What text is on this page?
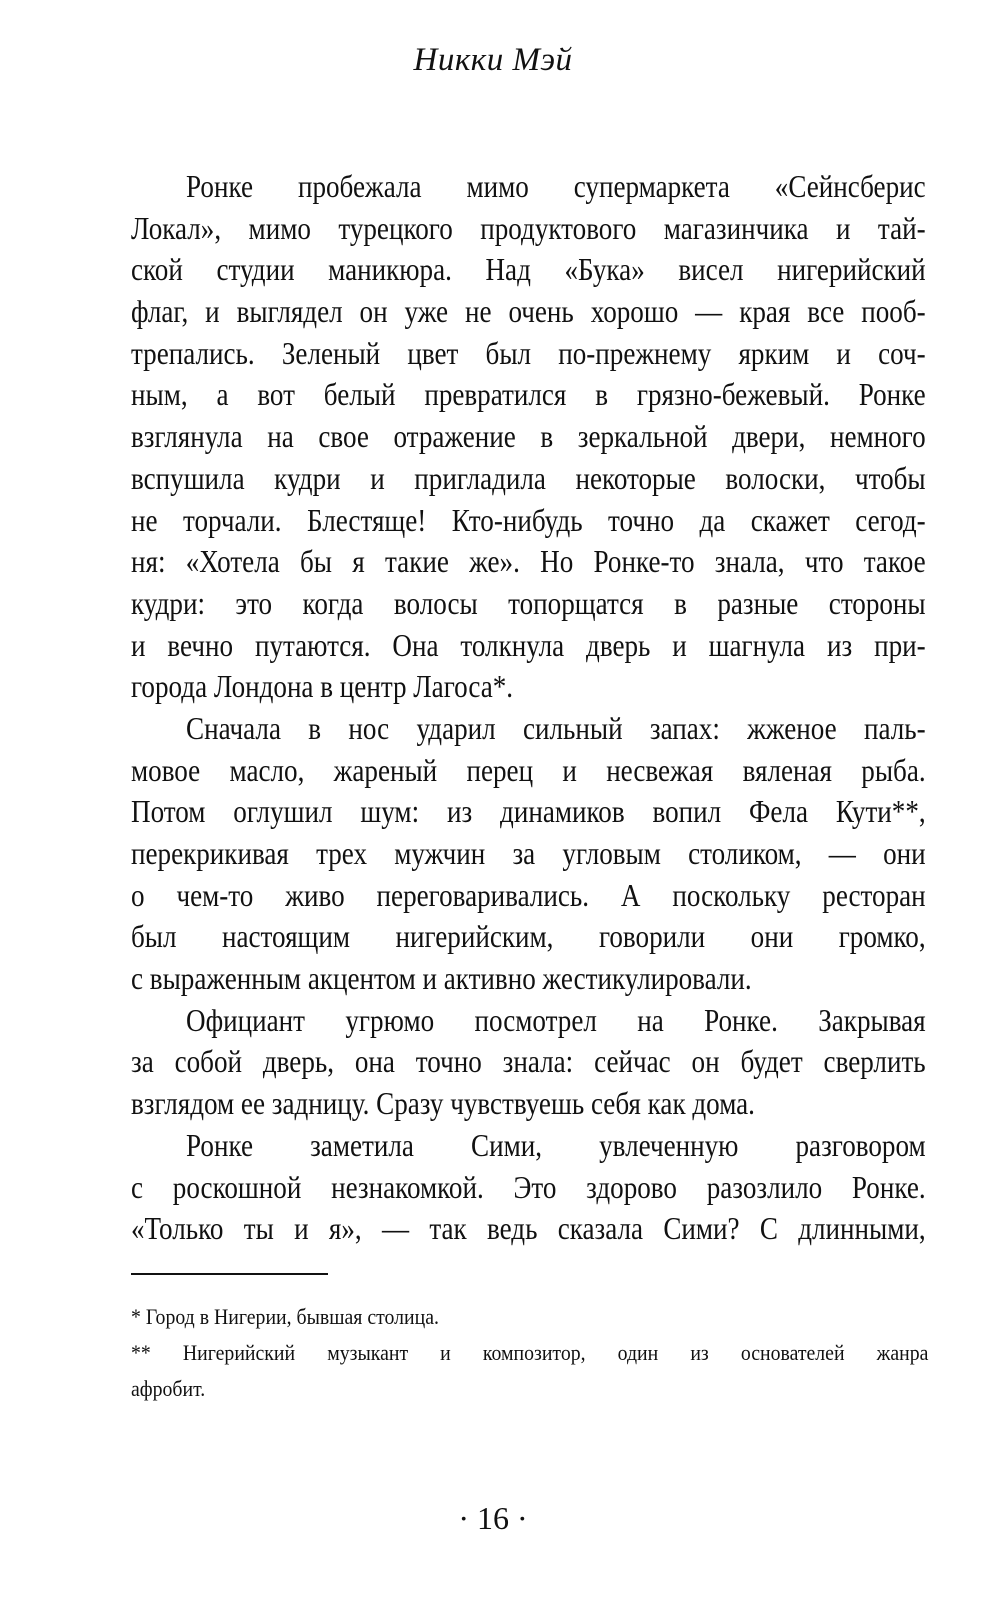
Никки Мэй
Ронке пробежала мимо супермаркета «Сейнсберис
Локал», мимо турецкого продуктового магазинчика и тай-
ской студии маникюра. Над «Бука» висел нигерийский
флаг, и выглядел он уже не очень хорошо — края все пооб-
трепались. Зеленый цвет был по-прежнему ярким и соч-
ным, а вот белый превратился в грязно-бежевый. Ронке
взглянула на свое отражение в зеркальной двери, немного
вспушила кудри и пригладила некоторые волоски, чтобы
не торчали. Блестяще! Кто-нибудь точно да скажет сегод-
ня: «Хотела бы я такие же». Но Ронке-то знала, что такое
кудри: это когда волосы топорщатся в разные стороны
и вечно путаются. Она толкнула дверь и шагнула из при-
города Лондона в центр Лагоса*.
Сначала в нос ударил сильный запах: жженое паль-
мовое масло, жареный перец и несвежая вяленая рыба.
Потом оглушил шум: из динамиков вопил Фела Кути**,
перекрикивая трех мужчин за угловым столиком, — они
о чем-то живо переговаривались. А поскольку ресторан
был настоящим нигерийским, говорили они громко,
с выраженным акцентом и активно жестикулировали.
Официант угрюмо посмотрел на Ронке. Закрывая
за собой дверь, она точно знала: сейчас он будет сверлить
взглядом ее задницу. Сразу чувствуешь себя как дома.
Ронке заметила Сими, увлеченную разговором
с роскошной незнакомкой. Это здорово разозлило Ронке.
«Только ты и я», — так ведь сказала Сими? С длинными,
* Город в Нигерии, бывшая столица.
** Нигерийский музыкант и композитор, один из основателей жанра
афробит.
· 16 ·
